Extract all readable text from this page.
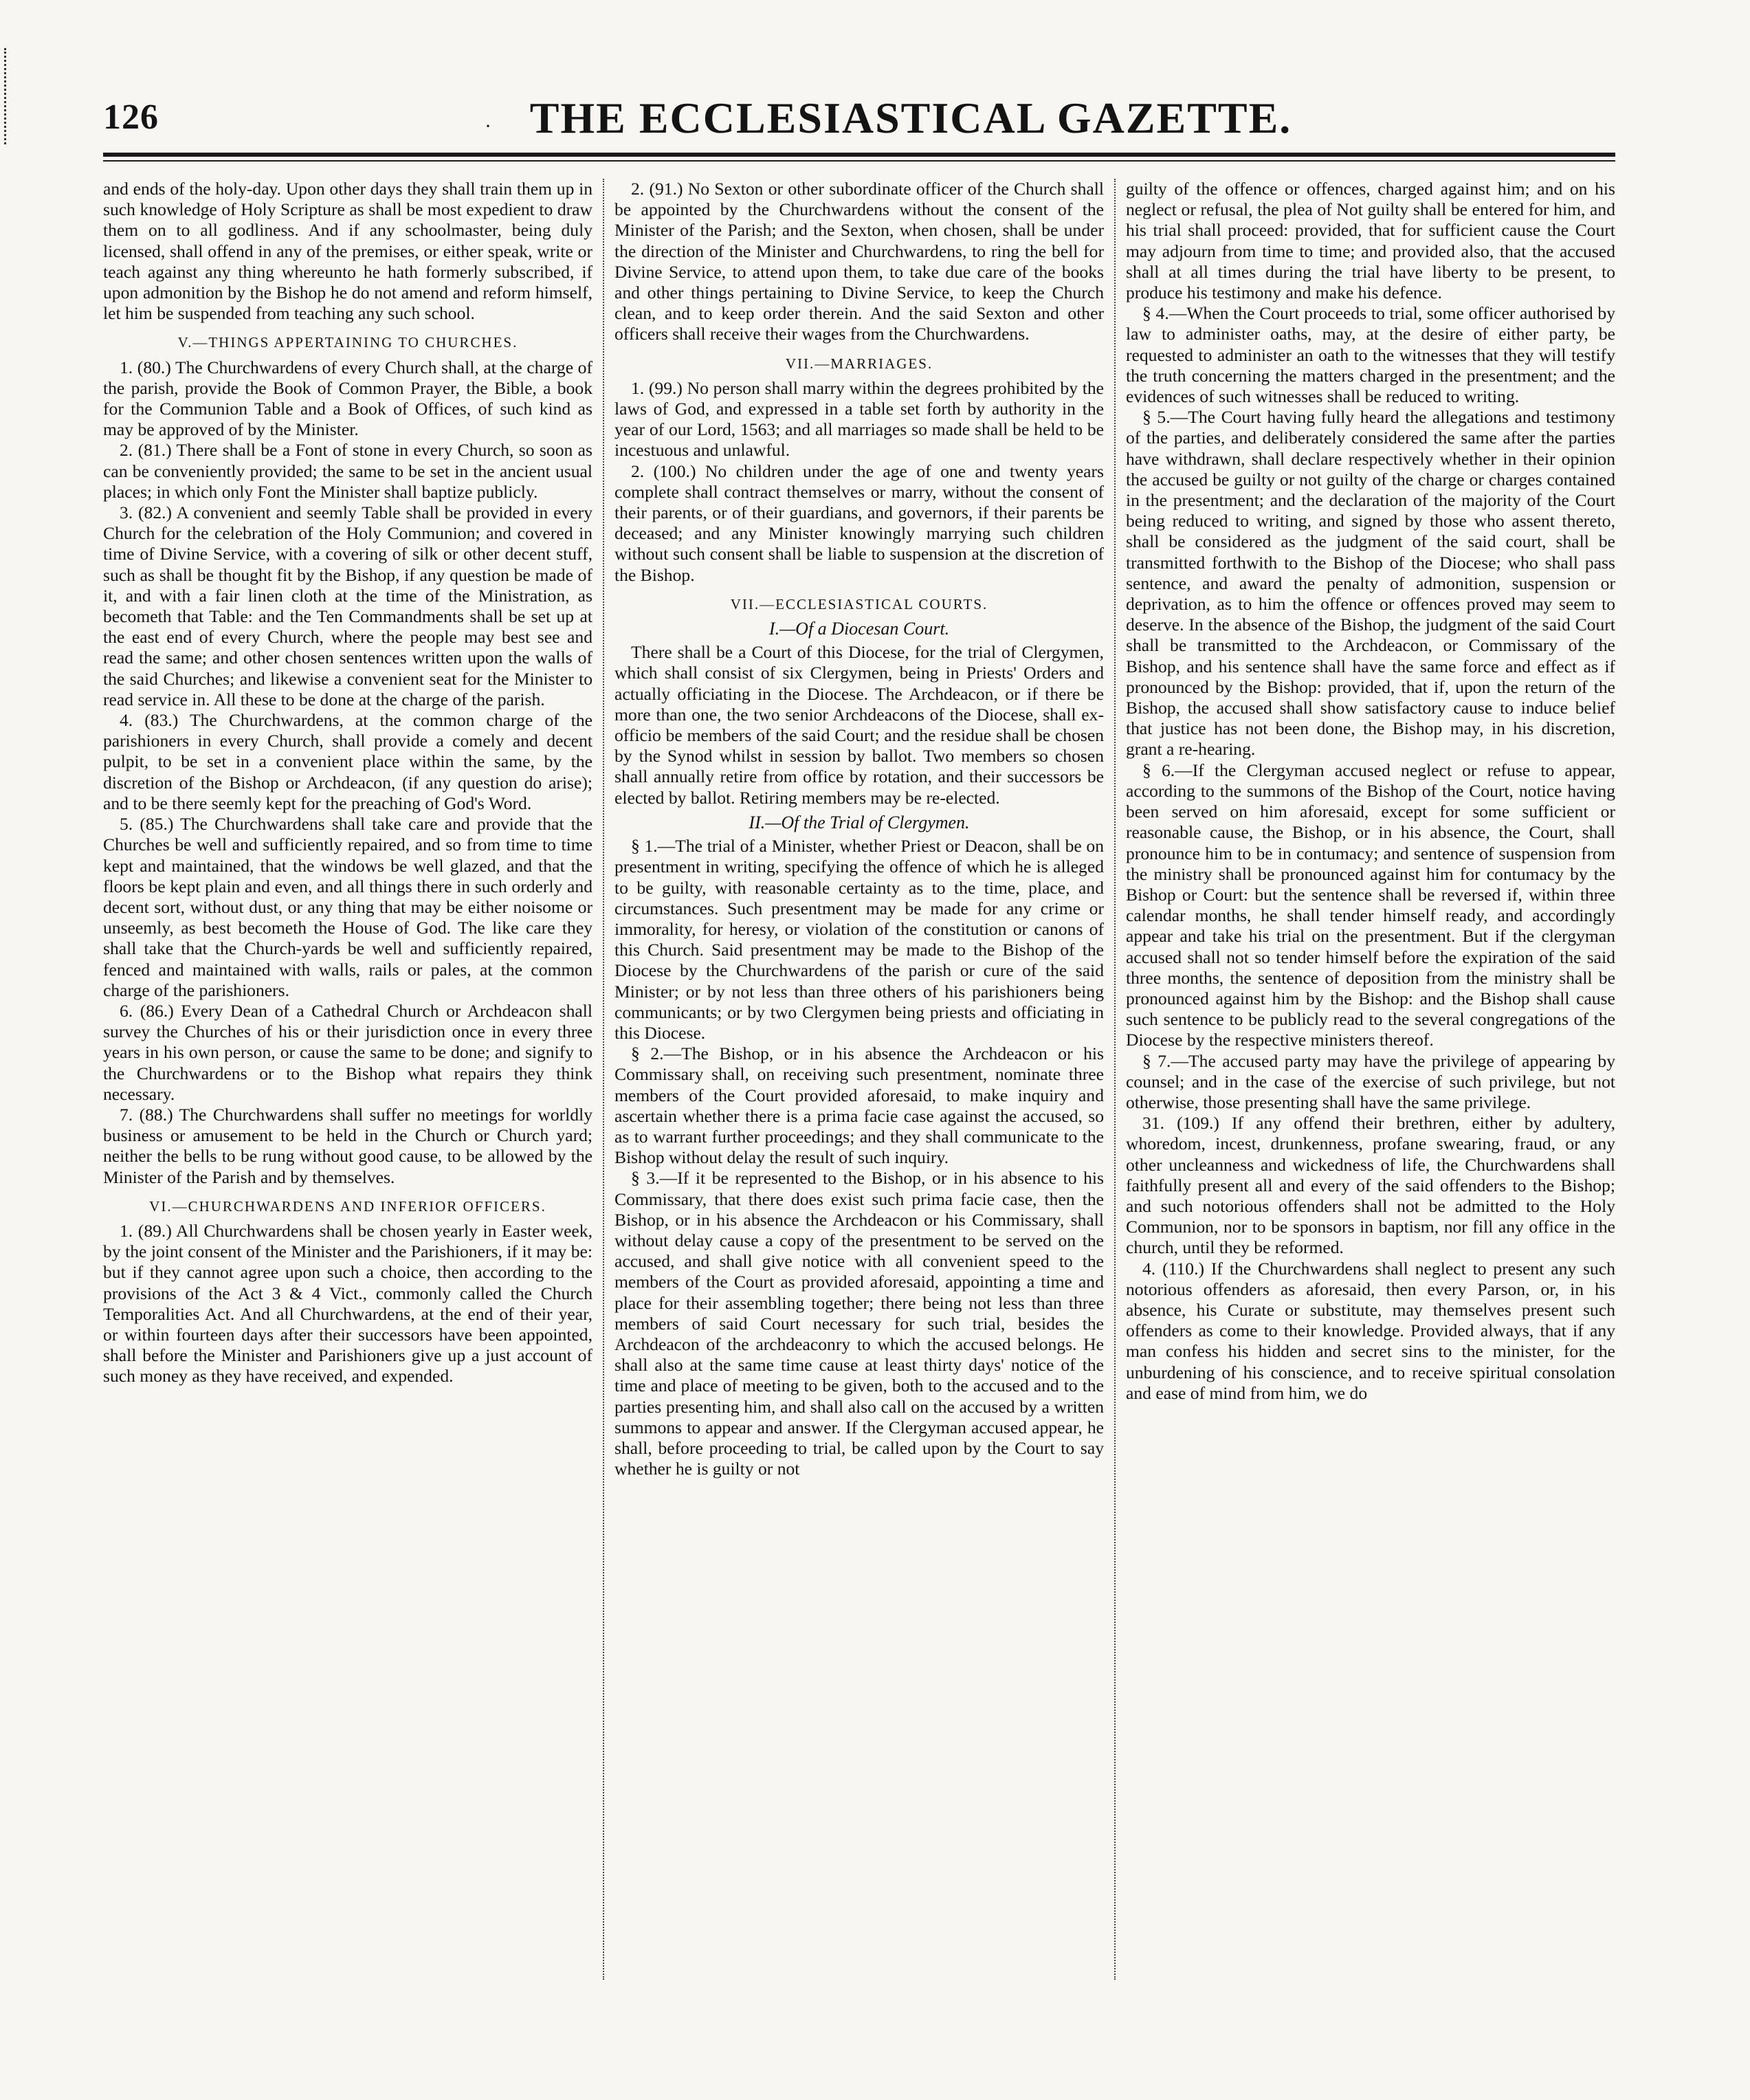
126	· THE ECCLESIASTICAL GAZETTE.

and ends of the holy-day. Upon other days they shall train them up in such knowledge of Holy Scripture as shall be most expedient to draw them on to all godliness. And if any schoolmaster, being duly licensed, shall offend in any of the premises, or either speak, write or teach against any thing whereunto he hath formerly subscribed, if upon admonition by the Bishop he do not amend and reform himself, let him be suspended from teaching any such school.

V.—THINGS APPERTAINING TO CHURCHES.

1. (80.) The Churchwardens of every Church shall, at the charge of the parish, provide the Book of Common Prayer, the Bible, a book for the Communion Table and a Book of Offices, of such kind as may be approved of by the Minister.

2. (81.) There shall be a Font of stone in every Church, so soon as can be conveniently provided; the same to be set in the ancient usual places; in which only Font the Minister shall baptize publicly.

3. (82.) A convenient and seemly Table shall be provided in every Church for the celebration of the Holy Communion; and covered in time of Divine Service, with a covering of silk or other decent stuff, such as shall be thought fit by the Bishop, if any question be made of it, and with a fair linen cloth at the time of the Ministration, as becometh that Table: and the Ten Commandments shall be set up at the east end of every Church, where the people may best see and read the same; and other chosen sentences written upon the walls of the said Churches; and likewise a convenient seat for the Minister to read service in. All these to be done at the charge of the parish.

4. (83.) The Churchwardens, at the common charge of the parishioners in every Church, shall provide a comely and decent pulpit, to be set in a convenient place within the same, by the discretion of the Bishop or Archdeacon, (if any question do arise); and to be there seemly kept for the preaching of God's Word.

5. (85.) The Churchwardens shall take care and provide that the Churches be well and sufficiently repaired, and so from time to time kept and maintained, that the windows be well glazed, and that the floors be kept plain and even, and all things there in such orderly and decent sort, without dust, or any thing that may be either noisome or unseemly, as best becometh the House of God. The like care they shall take that the Church-yards be well and sufficiently repaired, fenced and maintained with walls, rails or pales, at the common charge of the parishioners.

6. (86.) Every Dean of a Cathedral Church or Archdeacon shall survey the Churches of his or their jurisdiction once in every three years in his own person, or cause the same to be done; and signify to the Churchwardens or to the Bishop what repairs they think necessary.

7. (88.) The Churchwardens shall suffer no meetings for worldly business or amusement to be held in the Church or Church yard; neither the bells to be rung without good cause, to be allowed by the Minister of the Parish and by themselves.

VI.—CHURCHWARDENS AND INFERIOR OFFICERS.

1. (89.) All Churchwardens shall be chosen yearly in Easter week, by the joint consent of the Minister and the Parishioners, if it may be: but if they cannot agree upon such a choice, then according to the provisions of the Act 3 & 4 Vict., commonly called the Church Temporalities Act. And all Churchwardens, at the end of their year, or within fourteen days after their successors have been appointed, shall before the Minister and Parishioners give up a just account of such money as they have received, and expended.

2. (91.) No Sexton or other subordinate officer of the Church shall be appointed by the Churchwardens without the consent of the Minister of the Parish; and the Sexton, when chosen, shall be under the direction of the Minister and Churchwardens, to ring the bell for Divine Service, to attend upon them, to take due care of the books and other things pertaining to Divine Service, to keep the Church clean, and to keep order therein. And the said Sexton and other officers shall receive their wages from the Churchwardens.

VII.—MARRIAGES.

1. (99.) No person shall marry within the degrees prohibited by the laws of God, and expressed in a table set forth by authority in the year of our Lord, 1563; and all marriages so made shall be held to be incestuous and unlawful.

2. (100.) No children under the age of one and twenty years complete shall contract themselves or marry, without the consent of their parents, or of their guardians, and governors, if their parents be deceased; and any Minister knowingly marrying such children without such consent shall be liable to suspension at the discretion of the Bishop.

VII.—ECCLESIASTICAL COURTS.
I.—Of a Diocesan Court.

There shall be a Court of this Diocese, for the trial of Clergymen, which shall consist of six Clergymen, being in Priests' Orders and actually officiating in the Diocese. The Archdeacon, or if there be more than one, the two senior Archdeacons of the Diocese, shall ex-officio be members of the said Court; and the residue shall be chosen by the Synod whilst in session by ballot. Two members so chosen shall annually retire from office by rotation, and their successors be elected by ballot. Retiring members may be re-elected.

II.—Of the Trial of Clergymen.

§ 1.—The trial of a Minister, whether Priest or Deacon, shall be on presentment in writing, specifying the offence of which he is alleged to be guilty, with reasonable certainty as to the time, place, and circumstances. Such presentment may be made for any crime or immorality, for heresy, or violation of the constitution or canons of this Church. Said presentment may be made to the Bishop of the Diocese by the Churchwardens of the parish or cure of the said Minister; or by not less than three others of his parishioners being communicants; or by two Clergymen being priests and officiating in this Diocese.

§ 2.—The Bishop, or in his absence the Archdeacon or his Commissary shall, on receiving such presentment, nominate three members of the Court provided aforesaid, to make inquiry and ascertain whether there is a prima facie case against the accused, so as to warrant further proceedings; and they shall communicate to the Bishop without delay the result of such inquiry.

§ 3.—If it be represented to the Bishop, or in his absence to his Commissary, that there does exist such prima facie case, then the Bishop, or in his absence the Archdeacon or his Commissary, shall without delay cause a copy of the presentment to be served on the accused, and shall give notice with all convenient speed to the members of the Court as provided aforesaid, appointing a time and place for their assembling together; there being not less than three members of said Court necessary for such trial, besides the Archdeacon of the archdeaconry to which the accused belongs. He shall also at the same time cause at least thirty days' notice of the time and place of meeting to be given, both to the accused and to the parties presenting him, and shall also call on the accused by a written summons to appear and answer. If the Clergyman accused appear, he shall, before proceeding to trial, be called upon by the Court to say whether he is guilty or not

guilty of the offence or offences, charged against him; and on his neglect or refusal, the plea of Not guilty shall be entered for him, and his trial shall proceed: provided, that for sufficient cause the Court may adjourn from time to time; and provided also, that the accused shall at all times during the trial have liberty to be present, to produce his testimony and make his defence.

§ 4.—When the Court proceeds to trial, some officer authorised by law to administer oaths, may, at the desire of either party, be requested to administer an oath to the witnesses that they will testify the truth concerning the matters charged in the presentment; and the evidences of such witnesses shall be reduced to writing.

§ 5.—The Court having fully heard the allegations and testimony of the parties, and deliberately considered the same after the parties have withdrawn, shall declare respectively whether in their opinion the accused be guilty or not guilty of the charge or charges contained in the presentment; and the declaration of the majority of the Court being reduced to writing, and signed by those who assent thereto, shall be considered as the judgment of the said court, shall be transmitted forthwith to the Bishop of the Diocese; who shall pass sentence, and award the penalty of admonition, suspension or deprivation, as to him the offence or offences proved may seem to deserve. In the absence of the Bishop, the judgment of the said Court shall be transmitted to the Archdeacon, or Commissary of the Bishop, and his sentence shall have the same force and effect as if pronounced by the Bishop: provided, that if, upon the return of the Bishop, the accused shall show satisfactory cause to induce belief that justice has not been done, the Bishop may, in his discretion, grant a re-hearing.

§ 6.—If the Clergyman accused neglect or refuse to appear, according to the summons of the Bishop of the Court, notice having been served on him aforesaid, except for some sufficient or reasonable cause, the Bishop, or in his absence, the Court, shall pronounce him to be in contumacy; and sentence of suspension from the ministry shall be pronounced against him for contumacy by the Bishop or Court: but the sentence shall be reversed if, within three calendar months, he shall tender himself ready, and accordingly appear and take his trial on the presentment. But if the clergyman accused shall not so tender himself before the expiration of the said three months, the sentence of deposition from the ministry shall be pronounced against him by the Bishop: and the Bishop shall cause such sentence to be publicly read to the several congregations of the Diocese by the respective ministers thereof.

§ 7.—The accused party may have the privilege of appearing by counsel; and in the case of the exercise of such privilege, but not otherwise, those presenting shall have the same privilege.

31. (109.) If any offend their brethren, either by adultery, whoredom, incest, drunkenness, profane swearing, fraud, or any other uncleanness and wickedness of life, the Churchwardens shall faithfully present all and every of the said offenders to the Bishop; and such notorious offenders shall not be admitted to the Holy Communion, nor to be sponsors in baptism, nor fill any office in the church, until they be reformed.

4. (110.) If the Churchwardens shall neglect to present any such notorious offenders as aforesaid, then every Parson, or, in his absence, his Curate or substitute, may themselves present such offenders as come to their knowledge. Provided always, that if any man confess his hidden and secret sins to the minister, for the unburdening of his conscience, and to receive spiritual consolation and ease of mind from him, we do
